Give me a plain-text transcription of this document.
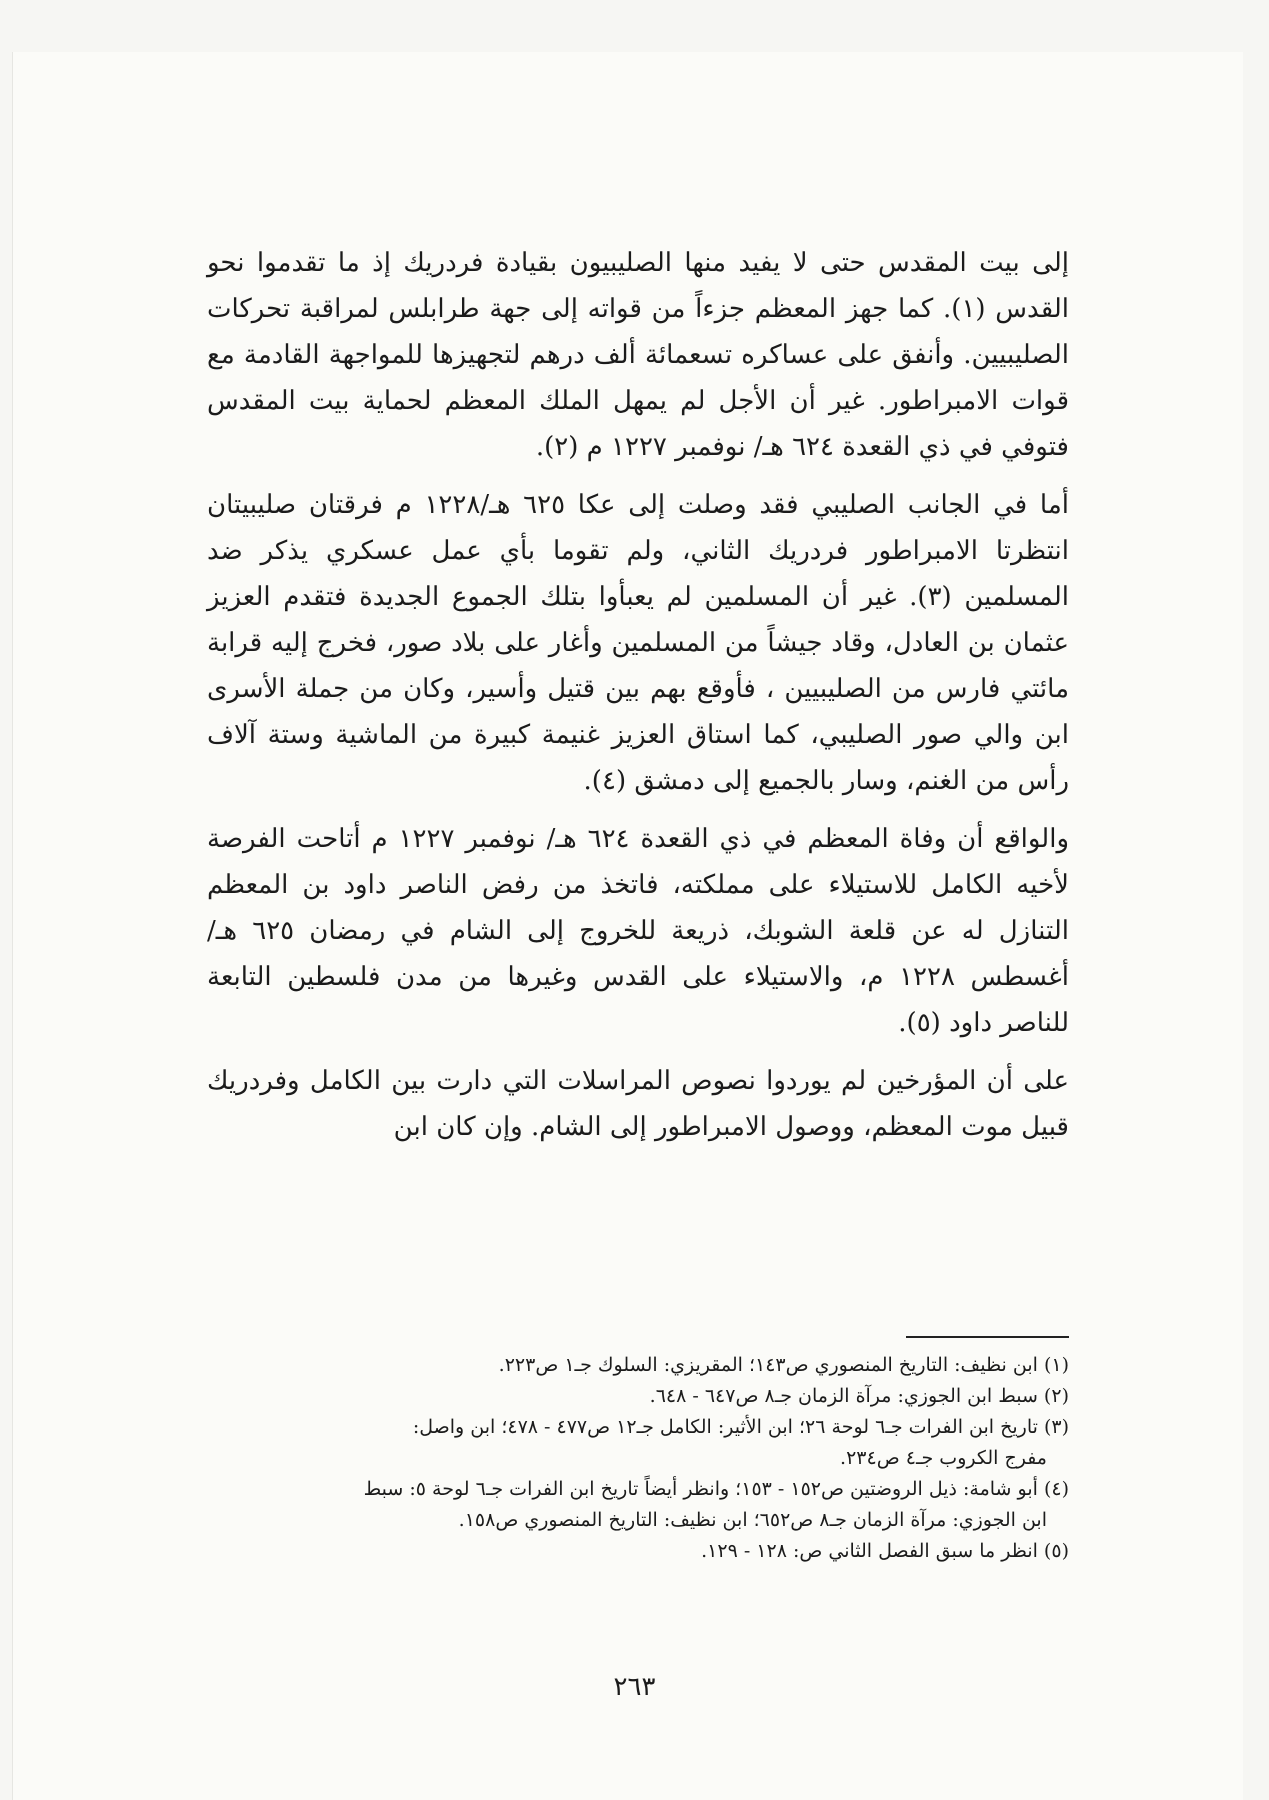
إلى بيت المقدس حتى لا يفيد منها الصليبيون بقيادة فردريك إذ ما تقدموا نحو القدس (١). كما جهز المعظم جزءاً من قواته إلى جهة طرابلس لمراقبة تحركات الصليبيين. وأنفق على عساكره تسعمائة ألف درهم لتجهيزها للمواجهة القادمة مع قوات الامبراطور. غير أن الأجل لم يمهل الملك المعظم لحماية بيت المقدس فتوفي في ذي القعدة ٦٢٤ هـ/ نوفمبر ١٢٢٧ م (٢).

أما في الجانب الصليبي فقد وصلت إلى عكا ٦٢٥ هـ/١٢٢٨ م فرقتان صليبيتان انتظرتا الامبراطور فردريك الثاني، ولم تقوما بأي عمل عسكري يذكر ضد المسلمين (٣). غير أن المسلمين لم يعبأوا بتلك الجموع الجديدة فتقدم العزيز عثمان بن العادل، وقاد جيشاً من المسلمين وأغار على بلاد صور، فخرج إليه قرابة مائتي فارس من الصليبيين ، فأوقع بهم بين قتيل وأسير، وكان من جملة الأسرى ابن والي صور الصليبي، كما استاق العزيز غنيمة كبيرة من الماشية وستة آلاف رأس من الغنم، وسار بالجميع إلى دمشق (٤).

والواقع أن وفاة المعظم في ذي القعدة ٦٢٤ هـ/ نوفمبر ١٢٢٧ م أتاحت الفرصة لأخيه الكامل للاستيلاء على مملكته، فاتخذ من رفض الناصر داود بن المعظم التنازل له عن قلعة الشوبك، ذريعة للخروج إلى الشام في رمضان ٦٢٥ هـ/ أغسطس ١٢٢٨ م، والاستيلاء على القدس وغيرها من مدن فلسطين التابعة للناصر داود (٥).

على أن المؤرخين لم يوردوا نصوص المراسلات التي دارت بين الكامل وفردريك قبيل موت المعظم، ووصول الامبراطور إلى الشام. وإن كان ابن

(١) ابن نظيف: التاريخ المنصوري ص١٤٣؛ المقريزي: السلوك جـ١ ص٢٢٣.

(٢) سبط ابن الجوزي: مرآة الزمان جـ٨ ص٦٤٧ - ٦٤٨.

(٣) تاريخ ابن الفرات جـ٦ لوحة ٢٦؛ ابن الأثير: الكامل جـ١٢ ص٤٧٧ - ٤٧٨؛ ابن واصل:
مفرج الكروب جـ٤ ص٢٣٤.

(٤) أبو شامة: ذيل الروضتين ص١٥٢ - ١٥٣؛ وانظر أيضاً تاريخ ابن الفرات جـ٦ لوحة ٥: سبط
ابن الجوزي: مرآة الزمان جـ٨ ص٦٥٢؛ ابن نظيف: التاريخ المنصوري ص١٥٨.

(٥) انظر ما سبق الفصل الثاني ص: ١٢٨ - ١٢٩.

٢٦٣
